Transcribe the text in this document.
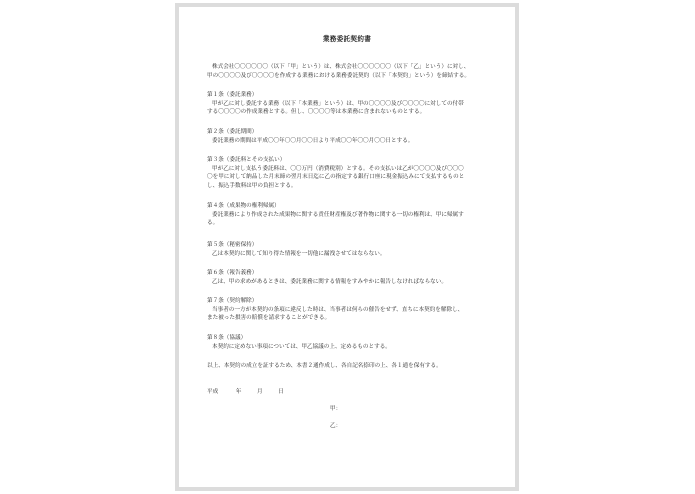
業務委託契約書
株式会社〇〇〇〇〇〇（以下「甲」という）は、株式会社〇〇〇〇〇〇（以下「乙」という）に対し、
甲の〇〇〇〇及び〇〇〇〇を作成する業務における業務委託契約（以下「本契約」という）を締結する。
第１条（委託業務）
甲が乙に対し委託する業務（以下「本業務」という）は、甲の〇〇〇〇及び〇〇〇〇に対しての付帯
する〇〇〇〇の作成業務とする。但し、〇〇〇〇等は本業務に含まれないものとする。
第２条（委託期間）
委託業務の期間は平成〇〇年〇〇月〇〇日より平成〇〇年〇〇月〇〇日とする。
第３条（委託料とその支払い）
甲が乙に対し支払う委託料は、〇〇万円（消費税別）とする。その支払いは乙が〇〇〇〇及び〇〇〇
〇を甲に対して納品した月末締の翌月末日迄に乙の指定する銀行口座に現金振込みにて支払するものと
し、振込手数料は甲の負担とする。
第４条（成果物の権利帰属）
委託業務により作成された成果物に関する責任財産権及び著作物に関する一切の権利は、甲に帰属す
る。
第５条（秘密保持）
乙は本契約に関して知り得た情報を一切他に漏洩させてはならない。
第６条（報告義務）
乙は、甲の求めがあるときは、委託業務に関する情報をすみやかに報告しなければならない。
第７条（契約解除）
当事者の一方が本契約の条項に違反した時は、当事者は何らの催告をせず、直ちに本契約を解除し、
また被った損害の賠償を請求することができる。
第８条（協議）
本契約に定めない事項については、甲乙協議の上、定めるものとする。
以上、本契約の成立を証するため、本書２通作成し、各自記名捺印の上、各１通を保有する。
平成	年	月	日
甲：
乙：
